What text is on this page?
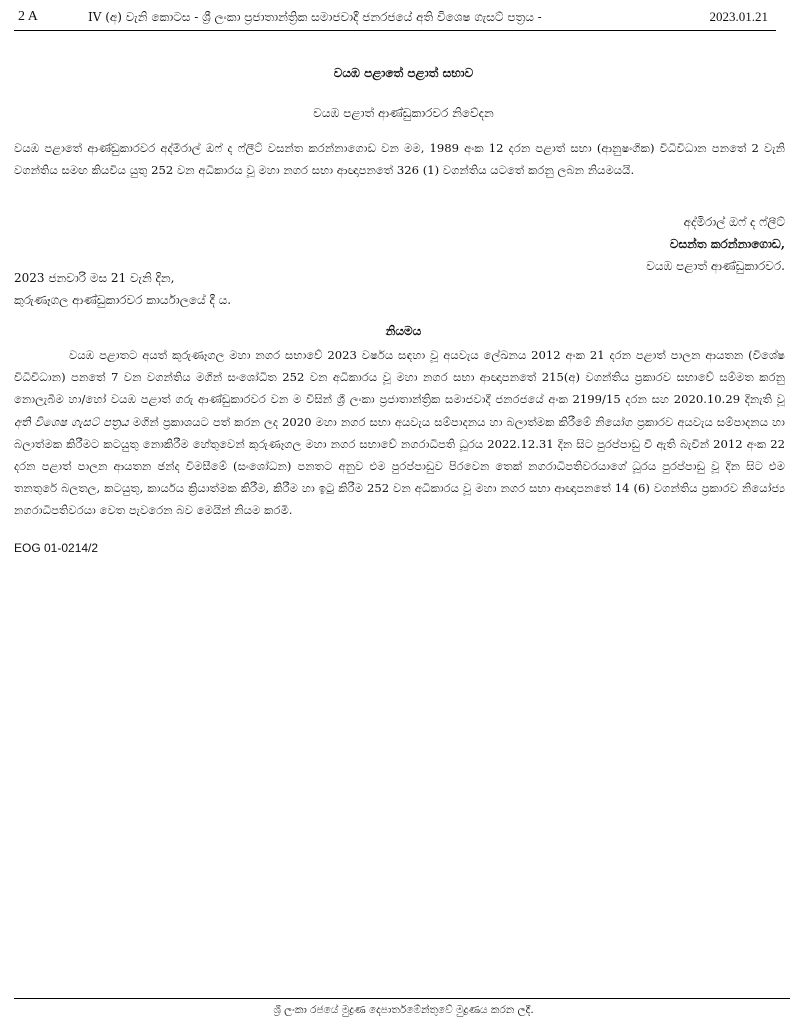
2 A	IV (අ) වැනි කොටස - ශ්‍රී ලංකා ප්‍රජාතාන්ත්‍රික සමාජවාදී ජනරජයේ අති විශෙෂ ගැසට් පත්‍රය -	2023.01.21
වයඹ පළාතේ පළාත් සභාව
වයඹ පළාත් ආණ්ඩුකාරවර නිවේදන
වයඹ පළාතේ ආණ්ඩුකාරවර අද්මිරාල් ඔෆ් ද ෆ්ලීට් වසන්ත කරන්නාගොඩ වන මම, 1989 අංක 12 දරන පළාත් සභා (ආනුෂංගික) විධිවිධාන පනතේ 2 වැනි වගන්තිය සමඟ කියවිය යුතු 252 වන අධිකාරය වූ මහා නගර සභා ආඥාපනතේ 326 (1) වගන්තිය යටතේ කරනු ලබන නියමයයි.
අද්මිරාල් ඔෆ් ද ෆ්ලීට්
වසන්ත කරන්නාගොඩ,
වයඹ පළාත් ආණ්ඩුකාරවර.
2023 ජනවාරි මස 21 වැනි දින,
කුරුණෑගල ආණ්ඩුකාරවර කාර්යාලයේ දී ය.
නියමය
වයඹ පළාතට අයත් කුරුණෑගල මහා නගර සභාවේ 2023 වර්ෂය සඳහා වූ අයවැය ලේඛනය 2012 අංක 21 දරන පළාත් පාලන ආයතන (විශේෂ විධිවිධාන) පනතේ 7 වන වගන්තිය මගින් සංශෝධිත 252 වන අධිකාරය වූ මහා නගර සභා ආඥාපනතේ 215(අ) වගන්තිය ප්‍රකාරව සභාවේ සම්මත කරනු නොලැබීම හා/හෝ වයඹ පළාත් ගරු ආණ්ඩුකාරවර වන ම විසින් ශ්‍රී ලංකා ප්‍රජාතාන්ත්‍රික සමාජවාදී ජනරජයේ අංක 2199/15 දරන සහ 2020.10.29 දිනැති වූ අති විශෙෂ ගැසට් පත්‍රය මගින් ප්‍රකාශයට පත් කරන ලද 2020 මහා නගර සභා අයවැය සම්පාදනය හා බලාත්මක කිරීමේ නියෝග ප්‍රකාරව අයවැය සම්පාදනය හා බලාත්මක කිරීමට කටයුතු නොකිරීම හේතුවෙන් කුරුණෑගල මහා නගර සභාවේ නගරාධිපති ධූරය 2022.12.31 දින සිට පුරප්පාඩු වී ඇති බැවින් 2012 අංක 22 දරන පළාත් පාලන ආයතන ඡන්ද විමසීමේ (සංශෝධන) පනතට අනුව එම පුරප්පාඩුව පිරවෙන තෙක් නගරාධිපතිවරයාගේ ධූරය පුරප්පාඩු වූ දින සිට එම තනතුරේ බලතල, කටයුතු, කාර්යය ක්‍රියාත්මක කිරීම, කිරීම හා ඉටු කිරීම 252 වන අධිකාරය වූ මහා නගර සභා ආඥාපනතේ 14 (6) වගන්තිය ප්‍රකාරව නියෝජ්‍ය නගරාධිපතිවරයා වෙත පැවරෙන බව මෙයින් නියම කරමි.
EOG 01-0214/2
ශ්‍රී ලංකා රජයේ මුද්‍රණ දෙපාර්තමේන්තුවේ මුද්‍රණය කරන ලදී.
